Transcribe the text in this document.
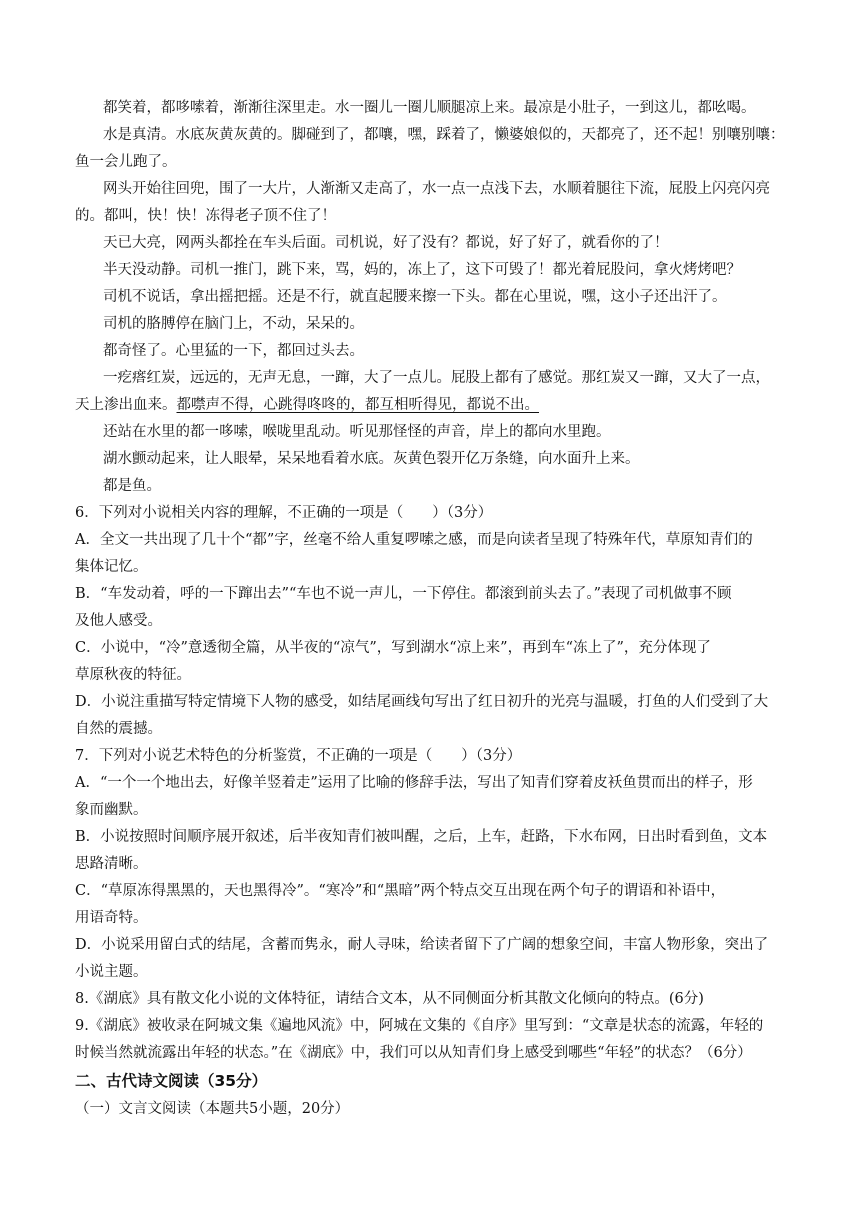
都笑着，都哆嗦着，渐渐往深里走。水一圈儿一圈儿顺腿凉上来。最凉是小肚子，一到这儿，都吆喝。
水是真清。水底灰黄灰黄的。脚碰到了，都嚷，嘿，踩着了，懒婆娘似的，天都亮了，还不起！别嚷别嚷：
鱼一会儿跑了。
网头开始往回兜，围了一大片，人渐渐又走高了，水一点一点浅下去，水顺着腿往下流，屁股上闪亮闪亮
的。都叫，快！快！冻得老子顶不住了！
天已大亮，网两头都拴在车头后面。司机说，好了没有？都说，好了好了，就看你的了！
半天没动静。司机一推门，跳下来，骂，妈的，冻上了，这下可毁了！都光着屁股问，拿火烤烤吧？
司机不说话，拿出摇把摇。还是不行，就直起腰来擦一下头。都在心里说，嘿，这小子还出汗了。
司机的胳膊停在脑门上，不动，呆呆的。
都奇怪了。心里猛的一下，都回过头去。
一疙瘩红炭，远远的，无声无息，一蹿，大了一点儿。屁股上都有了感觉。那红炭又一蹿，又大了一点，
天上渗出血来。都噤声不得，心跳得咚咚的，都互相听得见，都说不出。
还站在水里的都一哆嗦，喉咙里乱动。听见那怪怪的声音，岸上的都向水里跑。
湖水颤动起来，让人眼晕，呆呆地看着水底。灰黄色裂开亿万条缝，向水面升上来。
都是鱼。
6．下列对小说相关内容的理解，不正确的一项是（　　）（3分）
A．全文一共出现了几十个“都”字，丝毫不给人重复啰嗦之感，而是向读者呈现了特殊年代，草原知青们的
集体记忆。
B．“车发动着，呼的一下蹿出去”“车也不说一声儿，一下停住。都滚到前头去了。”表现了司机做事不顾
及他人感受。
C．小说中，“冷”意透彻全篇，从半夜的“凉气”，写到湖水“凉上来”，再到车“冻上了”，充分体现了
草原秋夜的特征。
D．小说注重描写特定情境下人物的感受，如结尾画线句写出了红日初升的光亮与温暖，打鱼的人们受到了大
自然的震撼。
7．下列对小说艺术特色的分析鉴赏，不正确的一项是（　　）（3分）
A．“一个一个地出去，好像羊竖着走”运用了比喻的修辞手法，写出了知青们穿着皮袄鱼贯而出的样子，形
象而幽默。
B．小说按照时间顺序展开叙述，后半夜知青们被叫醒，之后，上车，赶路，下水布网，日出时看到鱼，文本
思路清晰。
C．“草原冻得黑黑的，天也黑得冷”。“寒冷”和“黑暗”两个特点交互出现在两个句子的谓语和补语中，
用语奇特。
D．小说采用留白式的结尾，含蓄而隽永，耐人寻味，给读者留下了广阔的想象空间，丰富人物形象，突出了
小说主题。
8.《湖底》具有散文化小说的文体特征，请结合文本，从不同侧面分析其散文化倾向的特点。(6分)
9.《湖底》被收录在阿城文集《遍地风流》中，阿城在文集的《自序》里写到：“文章是状态的流露，年轻的
时候当然就流露出年轻的状态。”在《湖底》中，我们可以从知青们身上感受到哪些“年轻”的状态？（6分）
二、古代诗文阅读（35分）
（一）文言文阅读（本题共5小题，20分）
